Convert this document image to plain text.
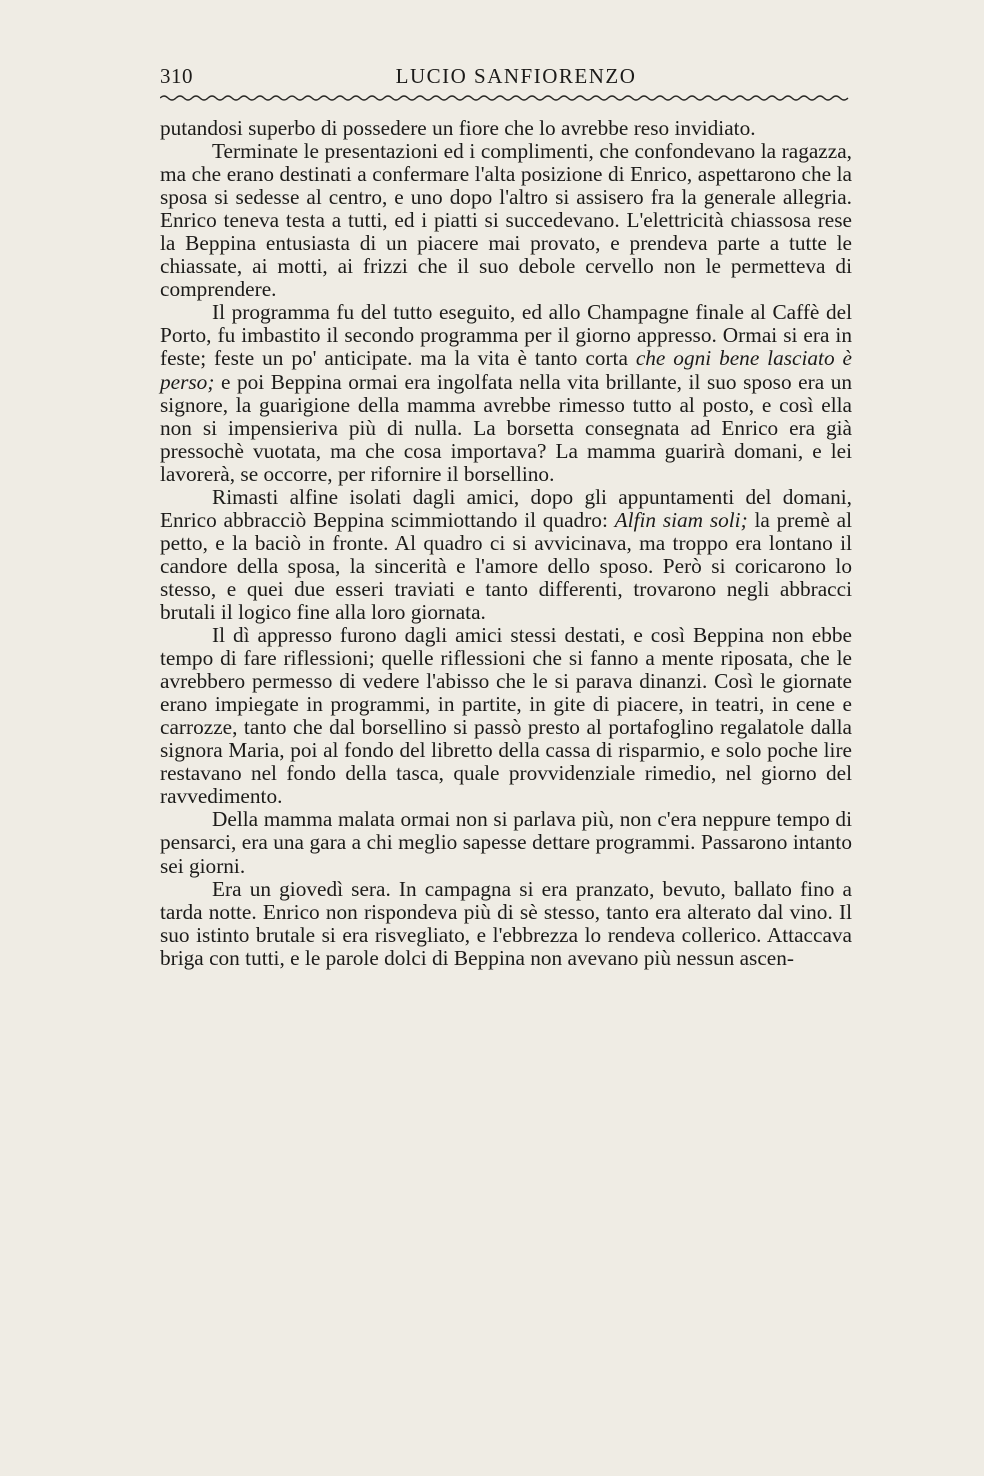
310	LUCIO SANFIORENZO

putandosi superbo di possedere un fiore che lo avrebbe reso invidiato.

Terminate le presentazioni ed i complimenti, che confondevano la ragazza, ma che erano destinati a confermare l'alta posizione di Enrico, aspettarono che la sposa si sedesse al centro, e uno dopo l'altro si assisero fra la generale allegria. Enrico teneva testa a tutti, ed i piatti si succedevano. L'elettricità chiassosa rese la Beppina entusiasta di un piacere mai provato, e prendeva parte a tutte le chiassate, ai motti, ai frizzi che il suo debole cervello non le permetteva di comprendere.

Il programma fu del tutto eseguito, ed allo Champagne finale al Caffè del Porto, fu imbastito il secondo programma per il giorno appresso. Ormai si era in feste; feste un po' anticipate. ma la vita è tanto corta che ogni bene lasciato è perso; e poi Beppina ormai era ingolfata nella vita brillante, il suo sposo era un signore, la guarigione della mamma avrebbe rimesso tutto al posto, e così ella non si impensieriva più di nulla. La borsetta consegnata ad Enrico era già pressochè vuotata, ma che cosa importava? La mamma guarirà domani, e lei lavorerà, se occorre, per rifornire il borsellino.

Rimasti alfine isolati dagli amici, dopo gli appuntamenti del domani, Enrico abbracciò Beppina scimmiottando il quadro: Alfin siam soli; la premè al petto, e la baciò in fronte. Al quadro ci si avvicinava, ma troppo era lontano il candore della sposa, la sincerità e l'amore dello sposo. Però si coricarono lo stesso, e quei due esseri traviati e tanto differenti, trovarono negli abbracci brutali il logico fine alla loro giornata.

Il dì appresso furono dagli amici stessi destati, e così Beppina non ebbe tempo di fare riflessioni; quelle riflessioni che si fanno a mente riposata, che le avrebbero permesso di vedere l'abisso che le si parava dinanzi. Così le giornate erano impiegate in programmi, in partite, in gite di piacere, in teatri, in cene e carrozze, tanto che dal borsellino si passò presto al portafoglino regalatole dalla signora Maria, poi al fondo del libretto della cassa di risparmio, e solo poche lire restavano nel fondo della tasca, quale provvidenziale rimedio, nel giorno del ravvedimento.

Della mamma malata ormai non si parlava più, non c'era neppure tempo di pensarci, era una gara a chi meglio sapesse dettare programmi. Passarono intanto sei giorni.

Era un giovedì sera. In campagna si era pranzato, bevuto, ballato fino a tarda notte. Enrico non rispondeva più di sè stesso, tanto era alterato dal vino. Il suo istinto brutale si era risvegliato, e l'ebbrezza lo rendeva collerico. Attaccava briga con tutti, e le parole dolci di Beppina non avevano più nessun ascen-
